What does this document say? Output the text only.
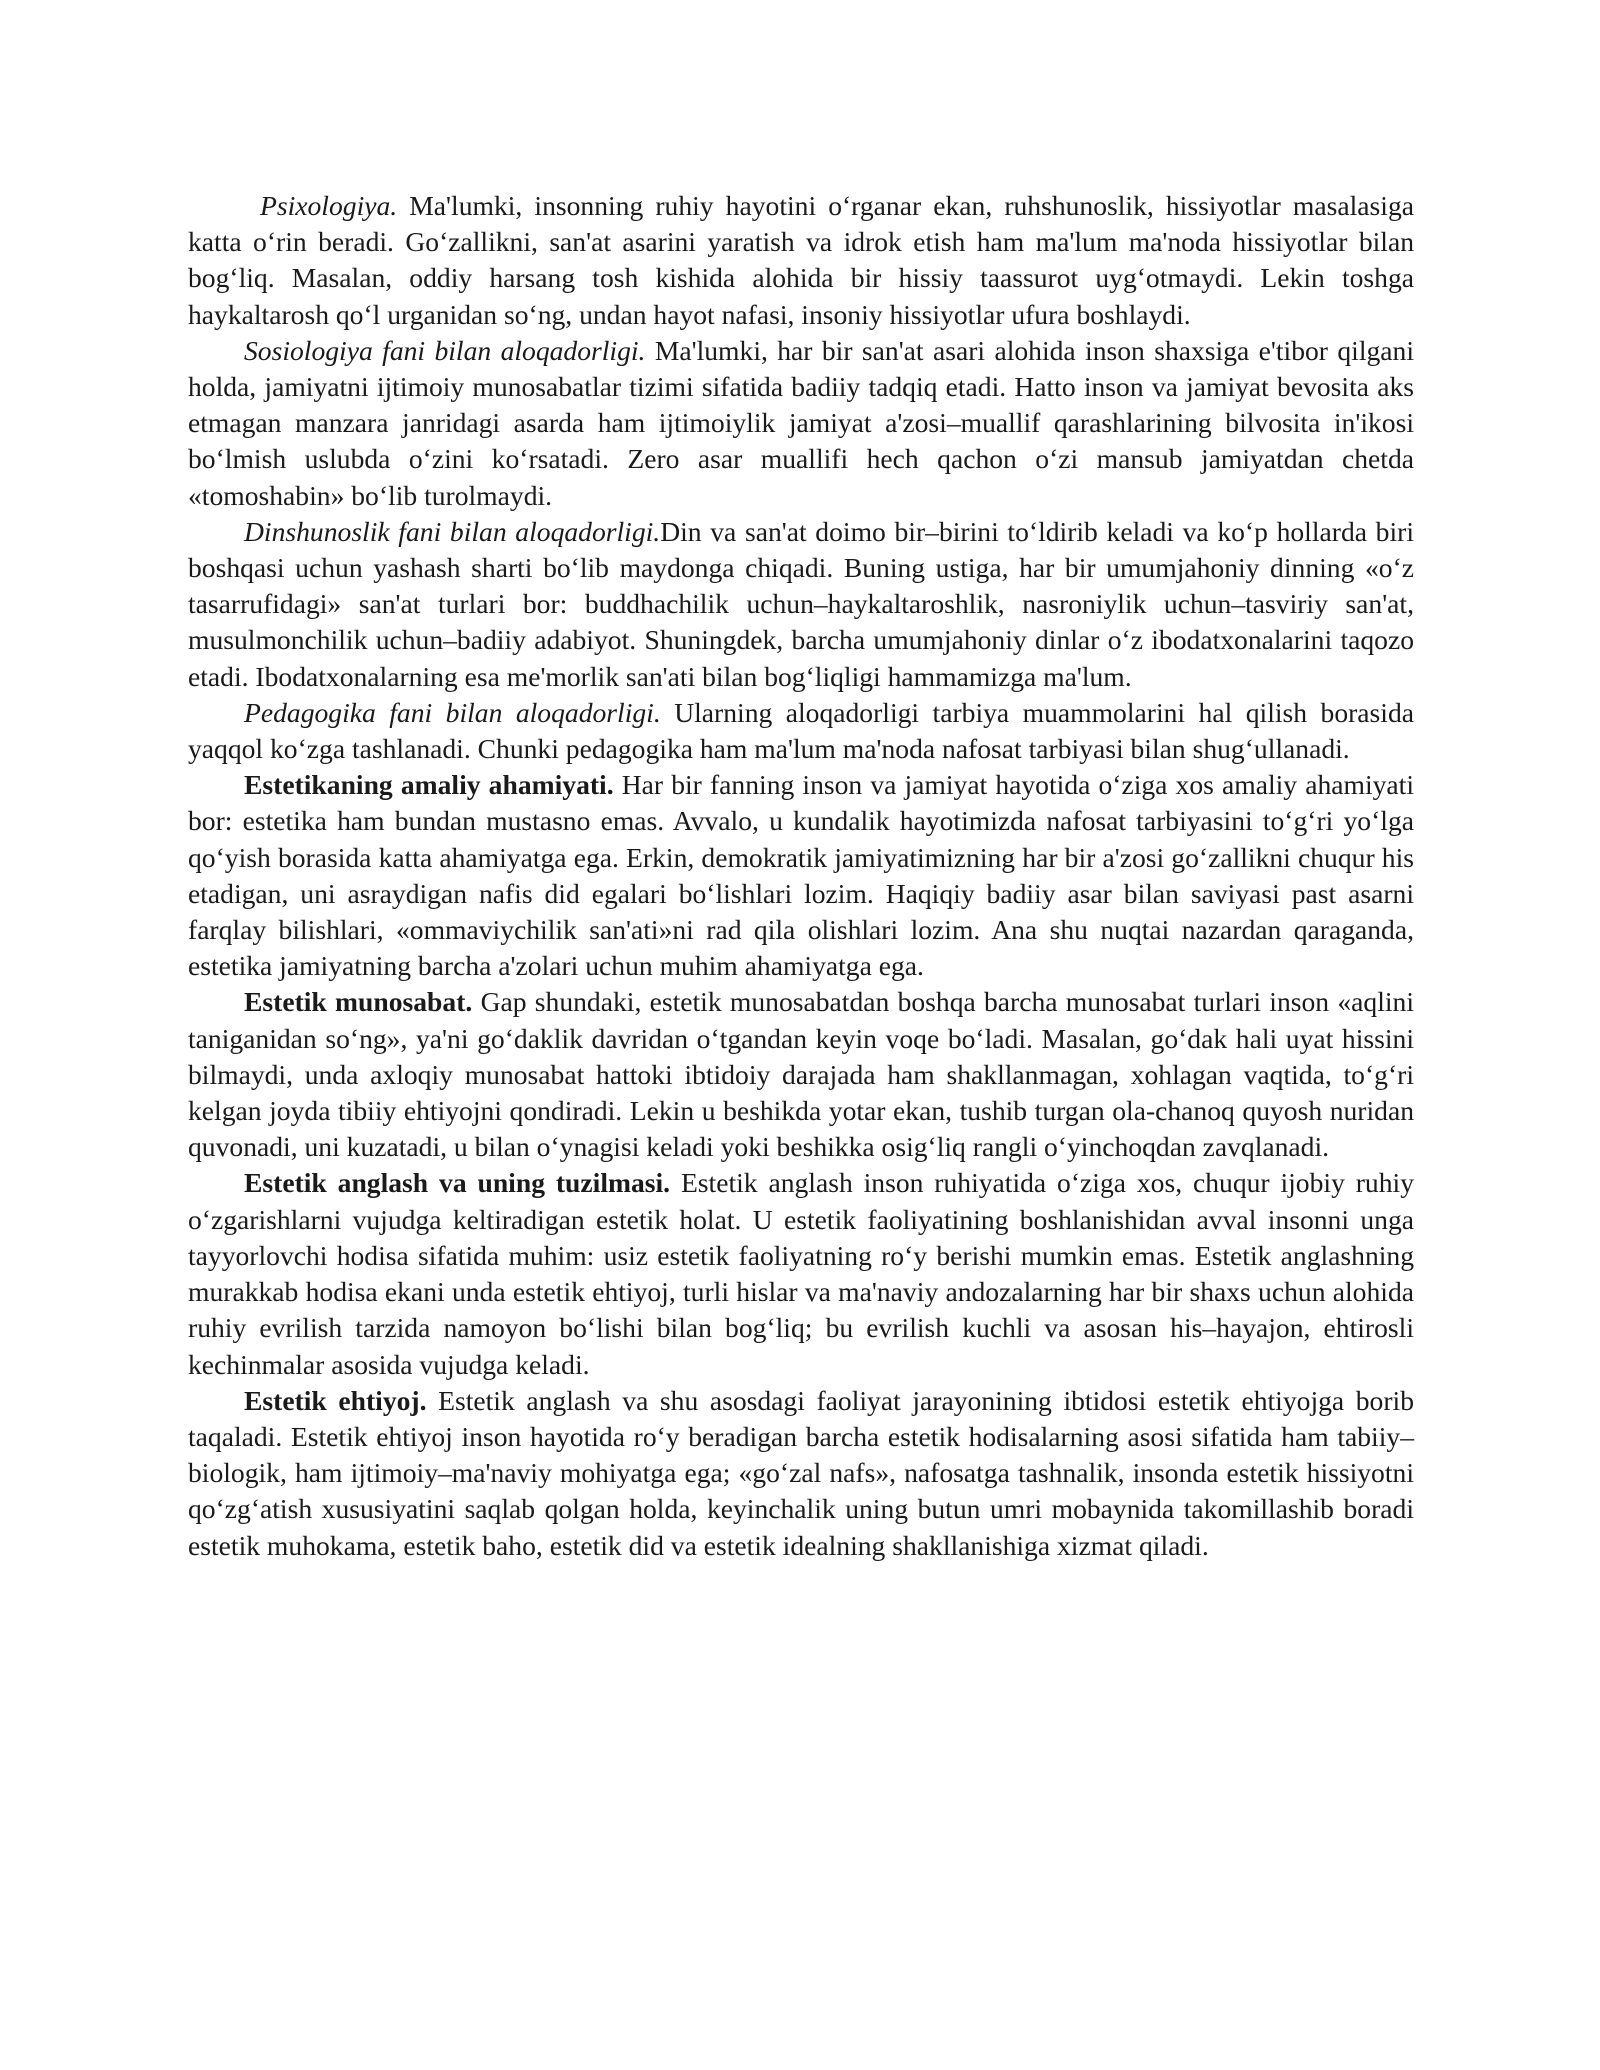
Psixologiya. Ma'lumki, insonning ruhiy hayotini o‘rganar ekan, ruhshunoslik, hissiyotlar masalasiga katta o‘rin beradi. Go‘zallikni, san'at asarini yaratish va idrok etish ham ma'lum ma'noda hissiyotlar bilan bog‘liq. Masalan, oddiy harsang tosh kishida alohida bir hissiy taassurot uyg‘otmaydi. Lekin toshga haykaltarosh qo‘l urganidan so‘ng, undan hayot nafasi, insoniy hissiyotlar ufura boshlaydi.

Sosiologiya fani bilan aloqadorligi. Ma'lumki, har bir san'at asari alohida inson shaxsiga e'tibor qilgani holda, jamiyatni ijtimoiy munosabatlar tizimi sifatida badiiy tadqiq etadi. Hatto inson va jamiyat bevosita aks etmagan manzara janridagi asarda ham ijtimoiylik jamiyat a'zosi–muallif qarashlarining bilvosita in'ikosi bo‘lmish uslubda o‘zini ko‘rsatadi. Zero asar muallifi hech qachon o‘zi mansub jamiyatdan chetda «tomoshabin» bo‘lib turolmaydi.

Dinshunoslik fani bilan aloqadorligi.Din va san'at doimo bir–birini to‘ldirib keladi va ko‘p hollarda biri boshqasi uchun yashash sharti bo‘lib maydonga chiqadi. Buning ustiga, har bir umumjahoniy dinning «o‘z tasarrufidagi» san'at turlari bor: buddhachilik uchun–haykaltaroshlik, nasroniylik uchun–tasviriy san'at, musulmonchilik uchun–badiiy adabiyot. Shuningdek, barcha umumjahoniy dinlar o‘z ibodatxonalarini taqozo etadi. Ibodatxonalarning esa me'morlik san'ati bilan bog‘liqligi hammamizga ma'lum.

Pedagogika fani bilan aloqadorligi. Ularning aloqadorligi tarbiya muammolarini hal qilish borasida yaqqol ko‘zga tashlanadi. Chunki pedagogika ham ma'lum ma'noda nafosat tarbiyasi bilan shug‘ullanadi.

Estetikaning amaliy ahamiyati. Har bir fanning inson va jamiyat hayotida o‘ziga xos amaliy ahamiyati bor: estetika ham bundan mustasno emas. Avvalo, u kundalik hayotimizda nafosat tarbiyasini to‘g‘ri yo‘lga qo‘yish borasida katta ahamiyatga ega. Erkin, demokratik jamiyatimizning har bir a'zosi go‘zallikni chuqur his etadigan, uni asraydigan nafis did egalari bo‘lishlari lozim. Haqiqiy badiiy asar bilan saviyasi past asarni farqlay bilishlari, «ommaviychilik san'ati»ni rad qila olishlari lozim. Ana shu nuqtai nazardan qaraganda, estetika jamiyatning barcha a'zolari uchun muhim ahamiyatga ega.

Estetik munosabat. Gap shundaki, estetik munosabatdan boshqa barcha munosabat turlari inson «aqlini taniganidan so‘ng», ya'ni go‘daklik davridan o‘tgandan keyin voqe bo‘ladi. Masalan, go‘dak hali uyat hissini bilmaydi, unda axloqiy munosabat hattoki ibtidoiy darajada ham shakllanmagan, xohlagan vaqtida, to‘g‘ri kelgan joyda tibiiy ehtiyojni qondiradi. Lekin u beshikda yotar ekan, tushib turgan ola-chanoq quyosh nuridan quvonadi, uni kuzatadi, u bilan o‘ynagisi keladi yoki beshikka osig‘liq rangli o‘yinchoqdan zavqlanadi.

Estetik anglash va uning tuzilmasi. Estetik anglash inson ruhiyatida o‘ziga xos, chuqur ijobiy ruhiy o‘zgarishlarni vujudga keltiradigan estetik holat. U estetik faoliyatining boshlanishidan avval insonni unga tayyorlovchi hodisa sifatida muhim: usiz estetik faoliyatning ro‘y berishi mumkin emas. Estetik anglashning murakkab hodisa ekani unda estetik ehtiyoj, turli hislar va ma'naviy andozalarning har bir shaxs uchun alohida ruhiy evrilish tarzida namoyon bo‘lishi bilan bog‘liq; bu evrilish kuchli va asosan his–hayajon, ehtirosli kechinmalar asosida vujudga keladi.

Estetik ehtiyoj. Estetik anglash va shu asosdagi faoliyat jarayonining ibtidosi estetik ehtiyojga borib taqaladi. Estetik ehtiyoj inson hayotida ro‘y beradigan barcha estetik hodisalarning asosi sifatida ham tabiiy–biologik, ham ijtimoiy–ma'naviy mohiyatga ega; «go‘zal nafs», nafosatga tashnalik, insonda estetik hissiyotni qo‘zg‘atish xususiyatini saqlab qolgan holda, keyinchalik uning butun umri mobaynida takomillashib boradi estetik muhokama, estetik baho, estetik did va estetik idealning shakllanishiga xizmat qiladi.
